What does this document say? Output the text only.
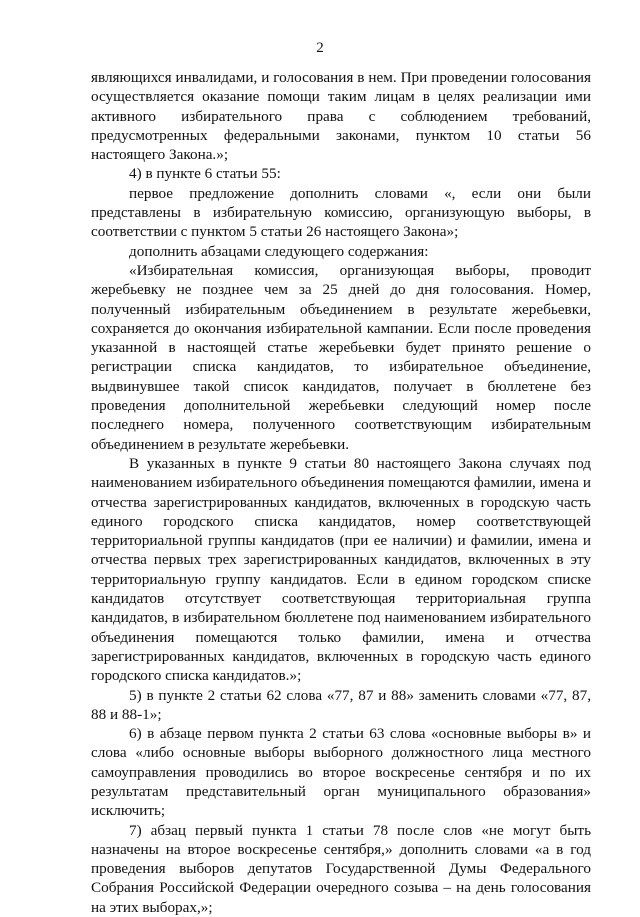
2

являющихся инвалидами, и голосования в нем. При проведении голосования осуществляется оказание помощи таким лицам в целях реализации ими активного избирательного права с соблюдением требований, предусмотренных федеральными законами, пунктом 10 статьи 56 настоящего Закона.»;

4) в пункте 6 статьи 55:

первое предложение дополнить словами «, если они были представлены в избирательную комиссию, организующую выборы, в соответствии с пунктом 5 статьи 26 настоящего Закона»;

дополнить абзацами следующего содержания:

«Избирательная комиссия, организующая выборы, проводит жеребьевку не позднее чем за 25 дней до дня голосования. Номер, полученный избирательным объединением в результате жеребьевки, сохраняется до окончания избирательной кампании. Если после проведения указанной в настоящей статье жеребьевки будет принято решение о регистрации списка кандидатов, то избирательное объединение, выдвинувшее такой список кандидатов, получает в бюллетене без проведения дополнительной жеребьевки следующий номер после последнего номера, полученного соответствующим избирательным объединением в результате жеребьевки.

В указанных в пункте 9 статьи 80 настоящего Закона случаях под наименованием избирательного объединения помещаются фамилии, имена и отчества зарегистрированных кандидатов, включенных в городскую часть единого городского списка кандидатов, номер соответствующей территориальной группы кандидатов (при ее наличии) и фамилии, имена и отчества первых трех зарегистрированных кандидатов, включенных в эту территориальную группу кандидатов. Если в едином городском списке кандидатов отсутствует соответствующая территориальная группа кандидатов, в избирательном бюллетене под наименованием избирательного объединения помещаются только фамилии, имена и отчества зарегистрированных кандидатов, включенных в городскую часть единого городского списка кандидатов.»;

5) в пункте 2 статьи 62 слова «77, 87 и 88» заменить словами «77, 87, 88 и 88-1»;

6) в абзаце первом пункта 2 статьи 63 слова «основные выборы в» и слова «либо основные выборы выборного должностного лица местного самоуправления проводились во второе воскресенье сентября и по их результатам представительный орган муниципального образования» исключить;

7) абзац первый пункта 1 статьи 78 после слов «не могут быть назначены на второе воскресенье сентября,» дополнить словами «а в год проведения выборов депутатов Государственной Думы Федерального Собрания Российской Федерации очередного созыва – на день голосования на этих выборах,»;
